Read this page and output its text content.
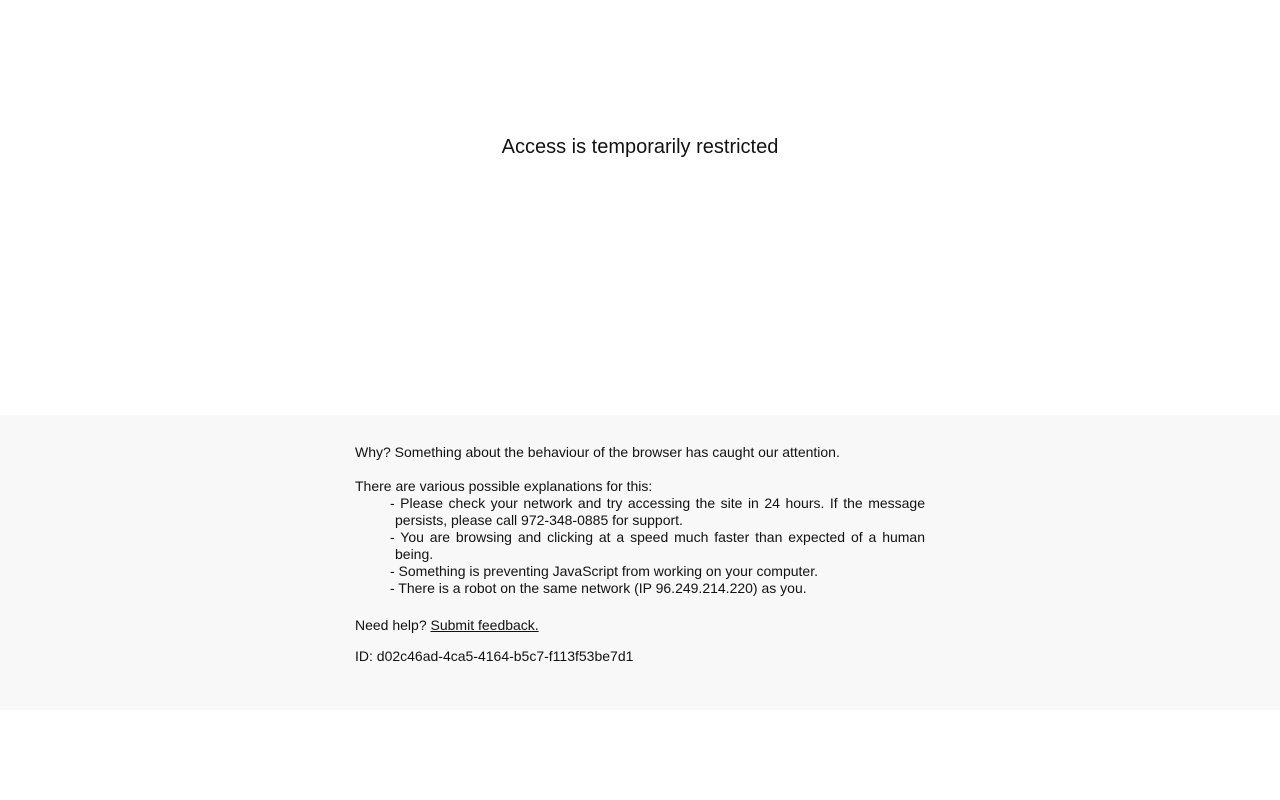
Access is temporarily restricted

Why? Something about the behaviour of the browser has caught our attention.

There are various possible explanations for this:

- Please check your network and try accessing the site in 24 hours. If the message persists, please call 972-348-0885 for support.
- You are browsing and clicking at a speed much faster than expected of a human being.
- Something is preventing JavaScript from working on your computer.
- There is a robot on the same network (IP 96.249.214.220) as you.

Need help? Submit feedback.

ID: d02c46ad-4ca5-4164-b5c7-f113f53be7d1
